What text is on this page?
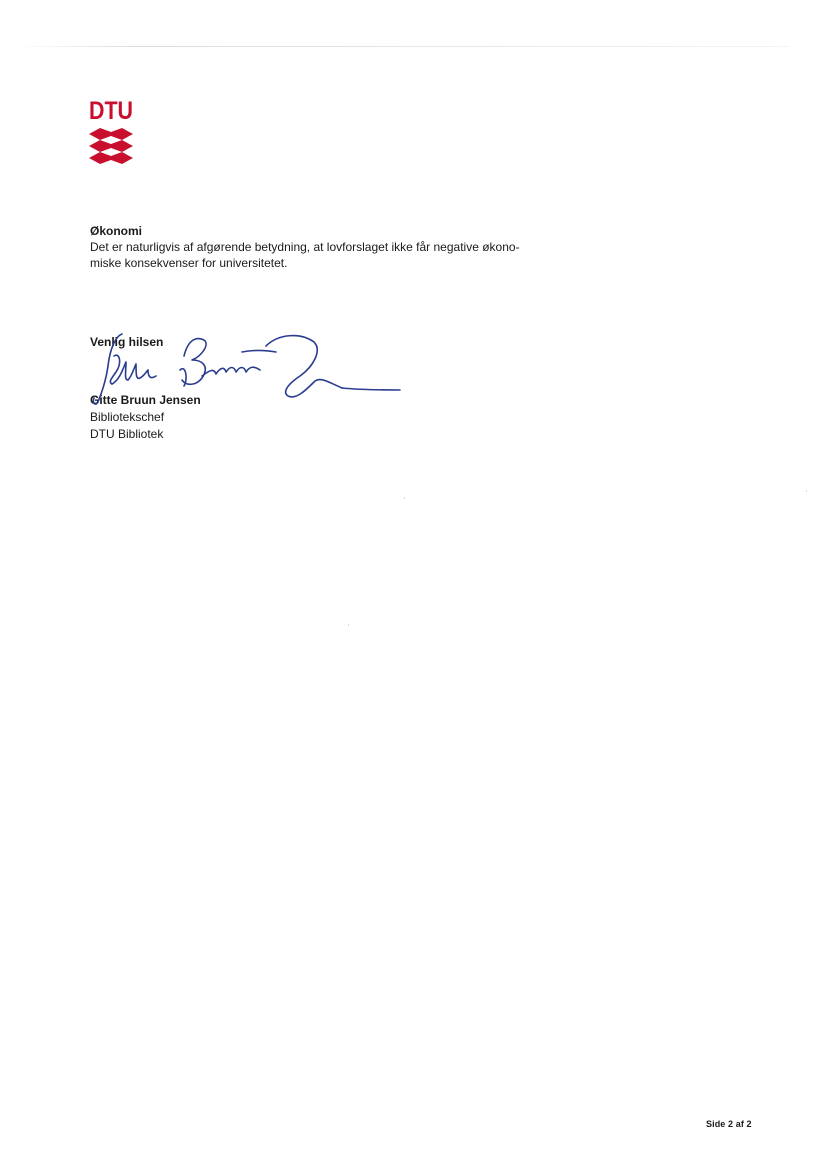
DTU

Økonomi

Det er naturligvis af afgørende betydning, at lovforslaget ikke får negative økono-

miske konsekvenser for universitetet.

Venlig hilsen
Gitte Bruun Jensen
Bibliotekschef
DTU Bibliotek
Side 2 af 2
